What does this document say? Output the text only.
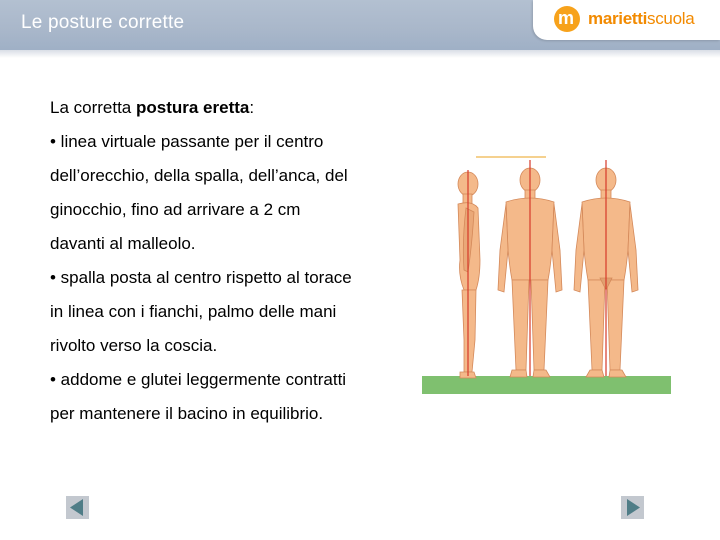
Le posture corrette	m mariettiscuola
La corretta postura eretta:
• linea virtuale passante per il centro
dell’orecchio, della spalla, dell’anca, del
ginocchio, fino ad arrivare a 2 cm
davanti al malleolo.
• spalla posta al centro rispetto al torace
in linea con i fianchi, palmo delle mani
rivolto verso la coscia.
• addome e glutei leggermente contratti
per mantenere il bacino in equilibrio.
